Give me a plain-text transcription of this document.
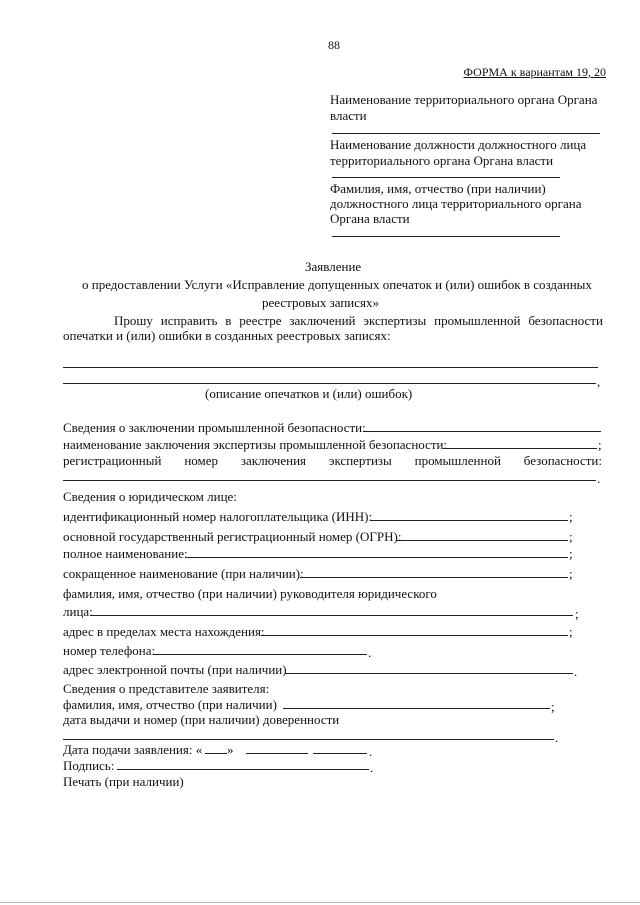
88
ФОРМА к вариантам 19, 20
Наименование территориального органа Органа
власти
Наименование должности должностного лица
территориального органа Органа власти
Фамилия, имя, отчество (при наличии)
должностного лица территориального органа
Органа власти
Заявление
о предоставлении Услуги «Исправление допущенных опечаток и (или) ошибок в созданных
реестровых записях»
Прошу исправить в реестре заключений экспертизы промышленной безопасности
опечатки и (или) ошибки в созданных реестровых записях:
,
(описание опечатков и (или) ошибок)
Сведения о заключении промышленной безопасности:
наименование заключения экспертизы промышленной безопасности:	;
регистрационный номер заключения экспертизы промышленной безопасности:
.
Сведения о юридическом лице:
идентификационный номер налогоплательщика (ИНН):	;
основной государственный регистрационный номер (ОГРН):	;
полное наименование:	;
сокращенное наименование (при наличии):	;
фамилия, имя, отчество (при наличии) руководителя юридического
лица:	;
адрес в пределах места нахождения:	;
номер телефона:	.
адрес электронной почты (при наличии)	.
Сведения о представителе заявителя:
фамилия, имя, отчество (при наличии)	;
дата выдачи и номер (при наличии) доверенности
.
Дата подачи заявления: « »	.
Подпись:	.
Печать (при наличии)
